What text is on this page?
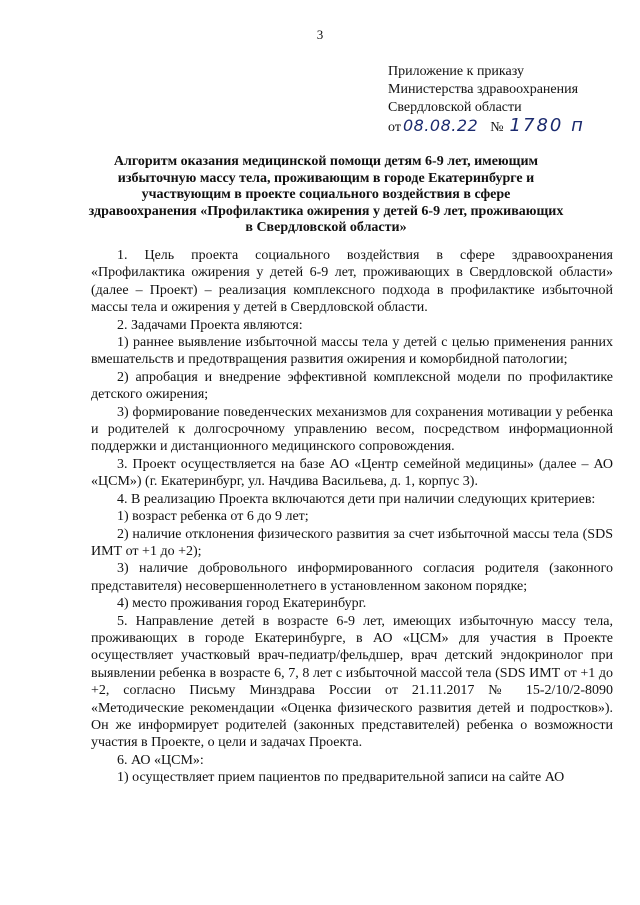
3
Приложение к приказу
Министерства здравоохранения
Свердловской области
от 08.08.22 № 1780 п
Алгоритм оказания медицинской помощи детям 6-9 лет, имеющим избыточную массу тела, проживающим в городе Екатеринбурге и участвующим в проекте социального воздействия в сфере здравоохранения «Профилактика ожирения у детей 6-9 лет, проживающих в Свердловской области»

1. Цель проекта социального воздействия в сфере здравоохранения «Профилактика ожирения у детей 6-9 лет, проживающих в Свердловской области» (далее – Проект) – реализация комплексного подхода в профилактике избыточной массы тела и ожирения у детей в Свердловской области.

2. Задачами Проекта являются:

1) раннее выявление избыточной массы тела у детей с целью применения ранних вмешательств и предотвращения развития ожирения и коморбидной патологии;

2) апробация и внедрение эффективной комплексной модели по профилактике детского ожирения;

3) формирование поведенческих механизмов для сохранения мотивации у ребенка и родителей к долгосрочному управлению весом, посредством информационной поддержки и дистанционного медицинского сопровождения.

3. Проект осуществляется на базе АО «Центр семейной медицины» (далее – АО «ЦСМ») (г. Екатеринбург, ул. Начдива Васильева, д. 1, корпус 3).

4. В реализацию Проекта включаются дети при наличии следующих критериев:

1) возраст ребенка от 6 до 9 лет;

2) наличие отклонения физического развития за счет избыточной массы тела (SDS ИМТ от +1 до +2);

3) наличие добровольного информированного согласия родителя (законного представителя) несовершеннолетнего в установленном законом порядке;

4) место проживания город Екатеринбург.

5. Направление детей в возрасте 6-9 лет, имеющих избыточную массу тела, проживающих в городе Екатеринбурге, в АО «ЦСМ» для участия в Проекте осуществляет участковый врач-педиатр/фельдшер, врач детский эндокринолог при выявлении ребенка в возрасте 6, 7, 8 лет с избыточной массой тела (SDS ИМТ от +1 до +2, согласно Письму Минздрава России от 21.11.2017 № 15-2/10/2-8090 «Методические рекомендации «Оценка физического развития детей и подростков»). Он же информирует родителей (законных представителей) ребенка о возможности участия в Проекте, о цели и задачах Проекта.

6. АО «ЦСМ»:

1) осуществляет прием пациентов по предварительной записи на сайте АО
